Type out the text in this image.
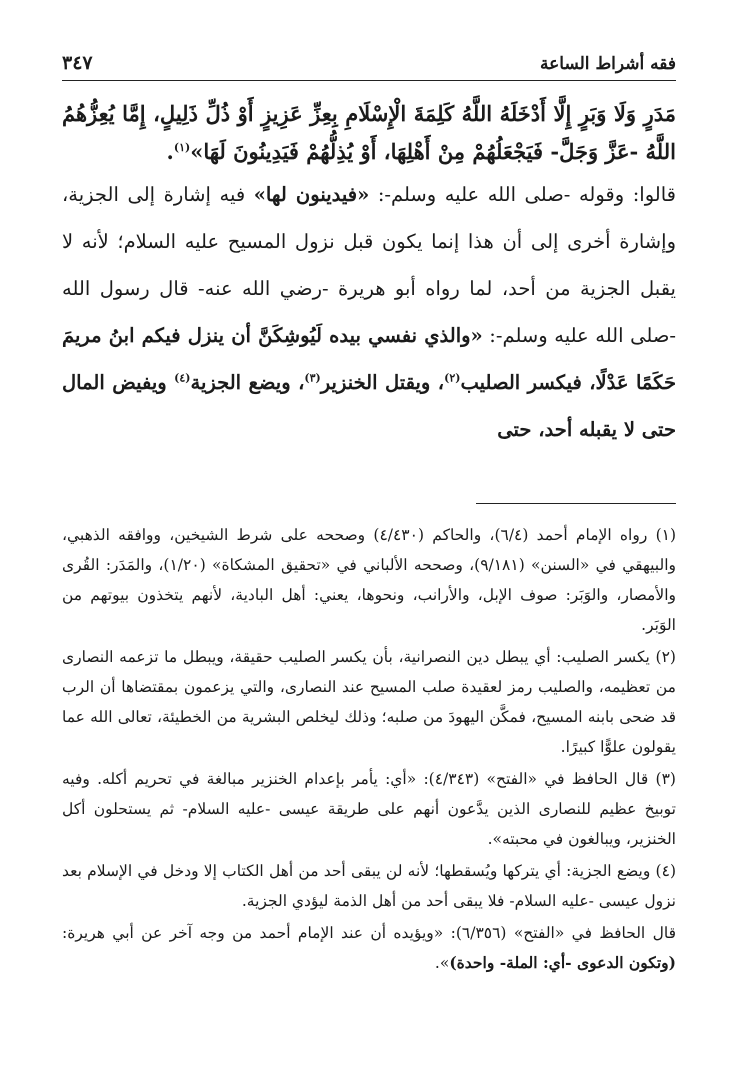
فقه أشراط الساعة
٣٤٧

مَدَرٍ وَلَا وَبَرٍ إِلَّا أَدْخَلَهُ اللَّهُ كَلِمَةَ الْإِسْلَامِ بِعِزِّ عَزِيزٍ أَوْ ذُلِّ ذَلِيلٍ، إِمَّا يُعِزُّهُمُ اللَّهُ -عَزَّ وَجَلَّ- فَيَجْعَلُهُمْ مِنْ أَهْلِهَا، أَوْ يُذِلُّهُمْ فَيَدِينُونَ لَهَا»$^{(١)}$.

قالوا: وقوله -صلى الله عليه وسلم-: «فيدينون لها» فيه إشارة إلى الجزية، وإشارة أخرى إلى أن هذا إنما يكون قبل نزول المسيح عليه السلام؛ لأنه لا يقبل الجزية من أحد، لما رواه أبو هريرة -رضي الله عنه- قال رسول الله -صلى الله عليه وسلم-: «والذي نفسي بيده لَيُوشِكَنَّ أن ينزل فيكم ابنُ مريمَ حَكَمًا عَدْلًا، فيكسر الصليب$^{(٢)}$، ويقتل الخنزير$^{(٣)}$، ويضع الجزية$^{(٤)}$ ويفيض المال حتى لا يقبله أحد، حتى

(١) رواه الإمام أحمد (٦/٤)، والحاكم (٤/٤٣٠) وصححه على شرط الشيخين، ووافقه الذهبي، والبيهقي في «السنن» (٩/١٨١)، وصححه الألباني في «تحقيق المشكاة» (١/٢٠)، والمَدَر: القُرى والأمصار، والوَبَر: صوف الإبل، والأرانب، ونحوها، يعني: أهل البادية، لأنهم يتخذون بيوتهم من الوَبَر.

(٢) يكسر الصليب: أي يبطل دين النصرانية، بأن يكسر الصليب حقيقة، ويبطل ما تزعمه النصارى من تعظيمه، والصليب رمز لعقيدة صلب المسيح عند النصارى، والتي يزعمون بمقتضاها أن الرب قد ضحى بابنه المسيح، فمكَّن اليهودَ من صلبه؛ وذلك ليخلص البشرية من الخطيئة، تعالى الله عما يقولون علوًّا كبيرًا.

(٣) قال الحافظ في «الفتح» (٤/٣٤٣): «أي: يأمر بإعدام الخنزير مبالغة في تحريم أكله. وفيه توبيخ عظيم للنصارى الذين يدَّعون أنهم على طريقة عيسى -عليه السلام- ثم يستحلون أكل الخنزير، ويبالغون في محبته».

(٤) ويضع الجزية: أي يتركها ويُسقطها؛ لأنه لن يبقى أحد من أهل الكتاب إلا ودخل في الإسلام بعد نزول عيسى -عليه السلام- فلا يبقى أحد من أهل الذمة ليؤدي الجزية.

قال الحافظ في «الفتح» (٦/٣٥٦): «ويؤيده أن عند الإمام أحمد من وجه آخر عن أبي هريرة: (وتكون الدعوى -أي: الملة- واحدة)».
